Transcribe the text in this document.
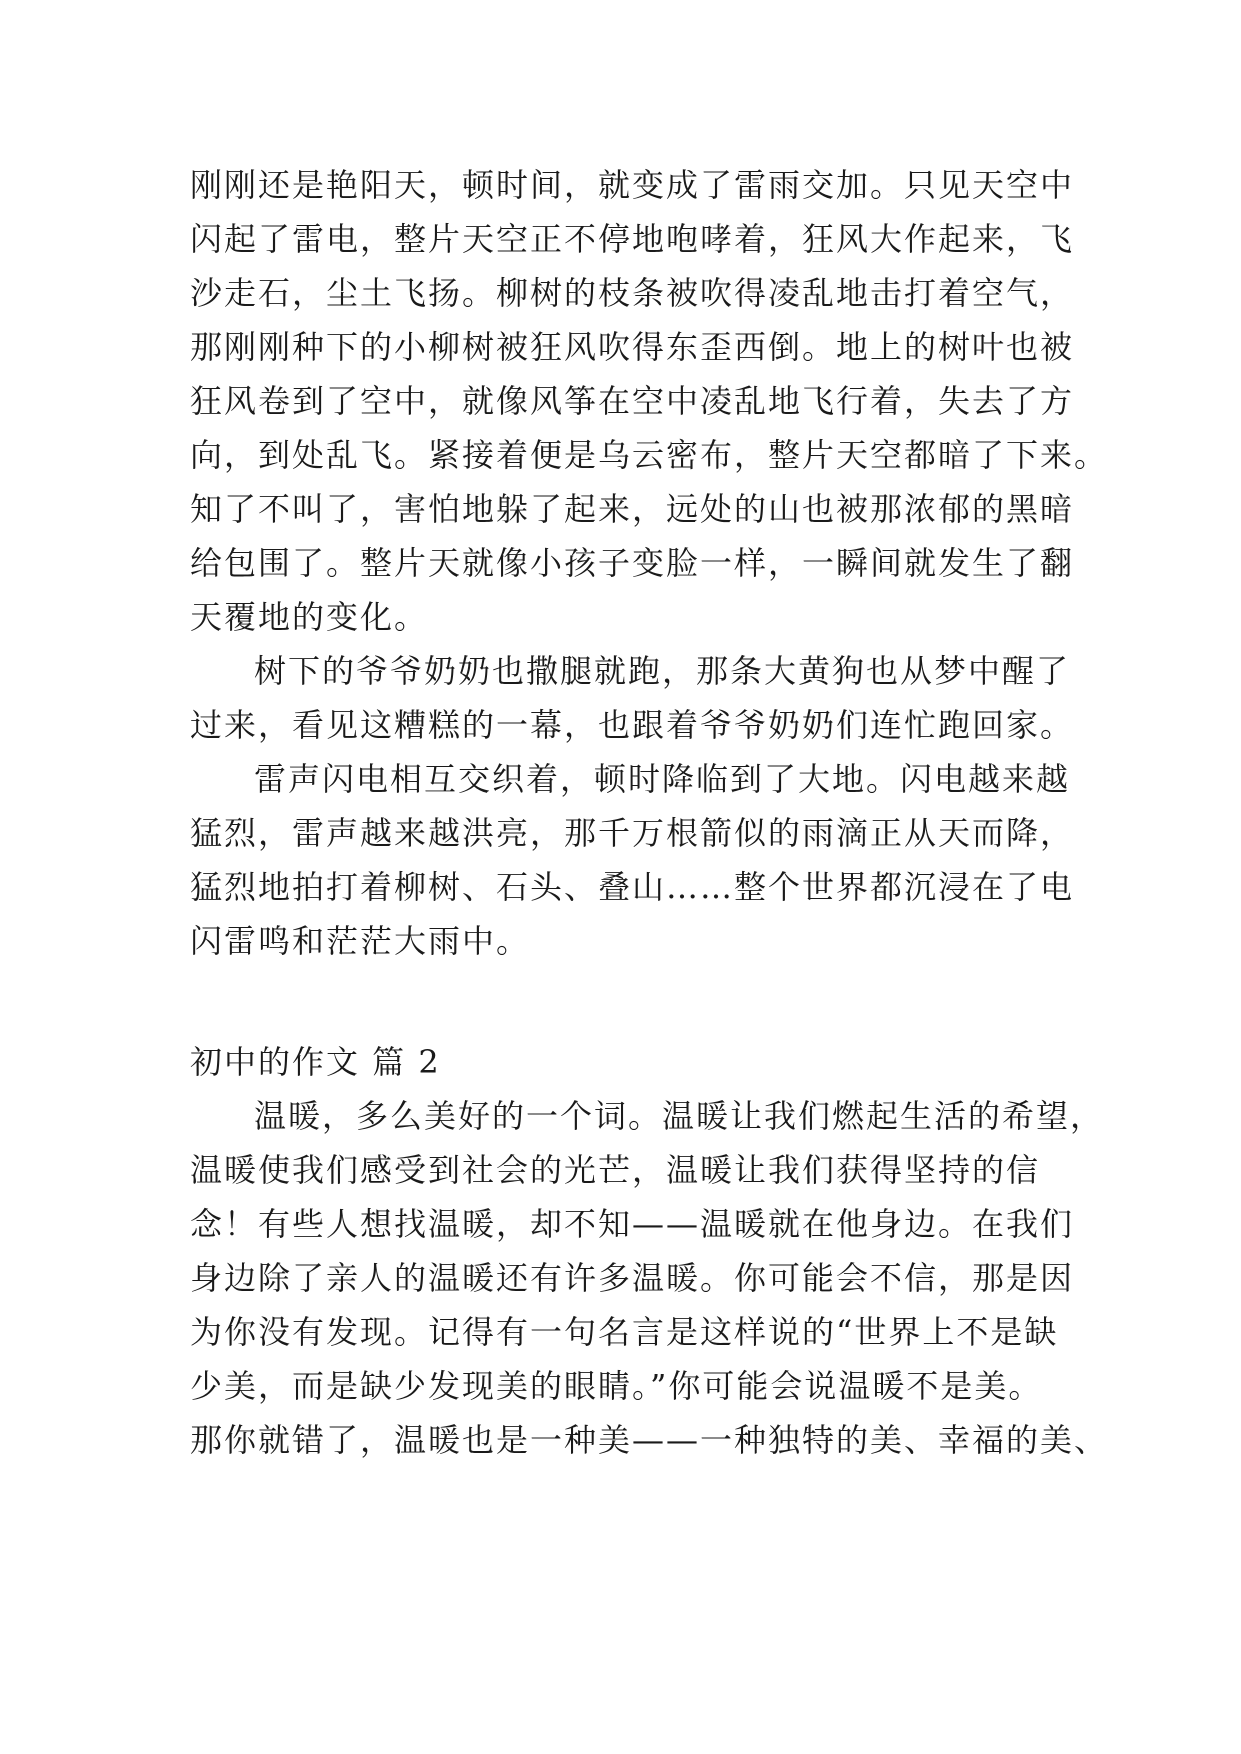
刚刚还是艳阳天，顿时间，就变成了雷雨交加。只见天空中
闪起了雷电，整片天空正不停地咆哮着，狂风大作起来，飞
沙走石，尘土飞扬。柳树的枝条被吹得凌乱地击打着空气，
那刚刚种下的小柳树被狂风吹得东歪西倒。地上的树叶也被
狂风卷到了空中，就像风筝在空中凌乱地飞行着，失去了方
向，到处乱飞。紧接着便是乌云密布，整片天空都暗了下来。
知了不叫了，害怕地躲了起来，远处的山也被那浓郁的黑暗
给包围了。整片天就像小孩子变脸一样，一瞬间就发生了翻
天覆地的变化。
树下的爷爷奶奶也撒腿就跑，那条大黄狗也从梦中醒了
过来，看见这糟糕的一幕，也跟着爷爷奶奶们连忙跑回家。
雷声闪电相互交织着，顿时降临到了大地。闪电越来越
猛烈，雷声越来越洪亮，那千万根箭似的雨滴正从天而降，
猛烈地拍打着柳树、石头、叠山……整个世界都沉浸在了电
闪雷鸣和茫茫大雨中。
初中的作文 篇 2
温暖，多么美好的一个词。温暖让我们燃起生活的希望，
温暖使我们感受到社会的光芒，温暖让我们获得坚持的信
念！有些人想找温暖，却不知——温暖就在他身边。在我们
身边除了亲人的温暖还有许多温暖。你可能会不信，那是因
为你没有发现。记得有一句名言是这样说的“世界上不是缺
少美，而是缺少发现美的眼睛。”你可能会说温暖不是美。
那你就错了，温暖也是一种美——一种独特的美、幸福的美、
